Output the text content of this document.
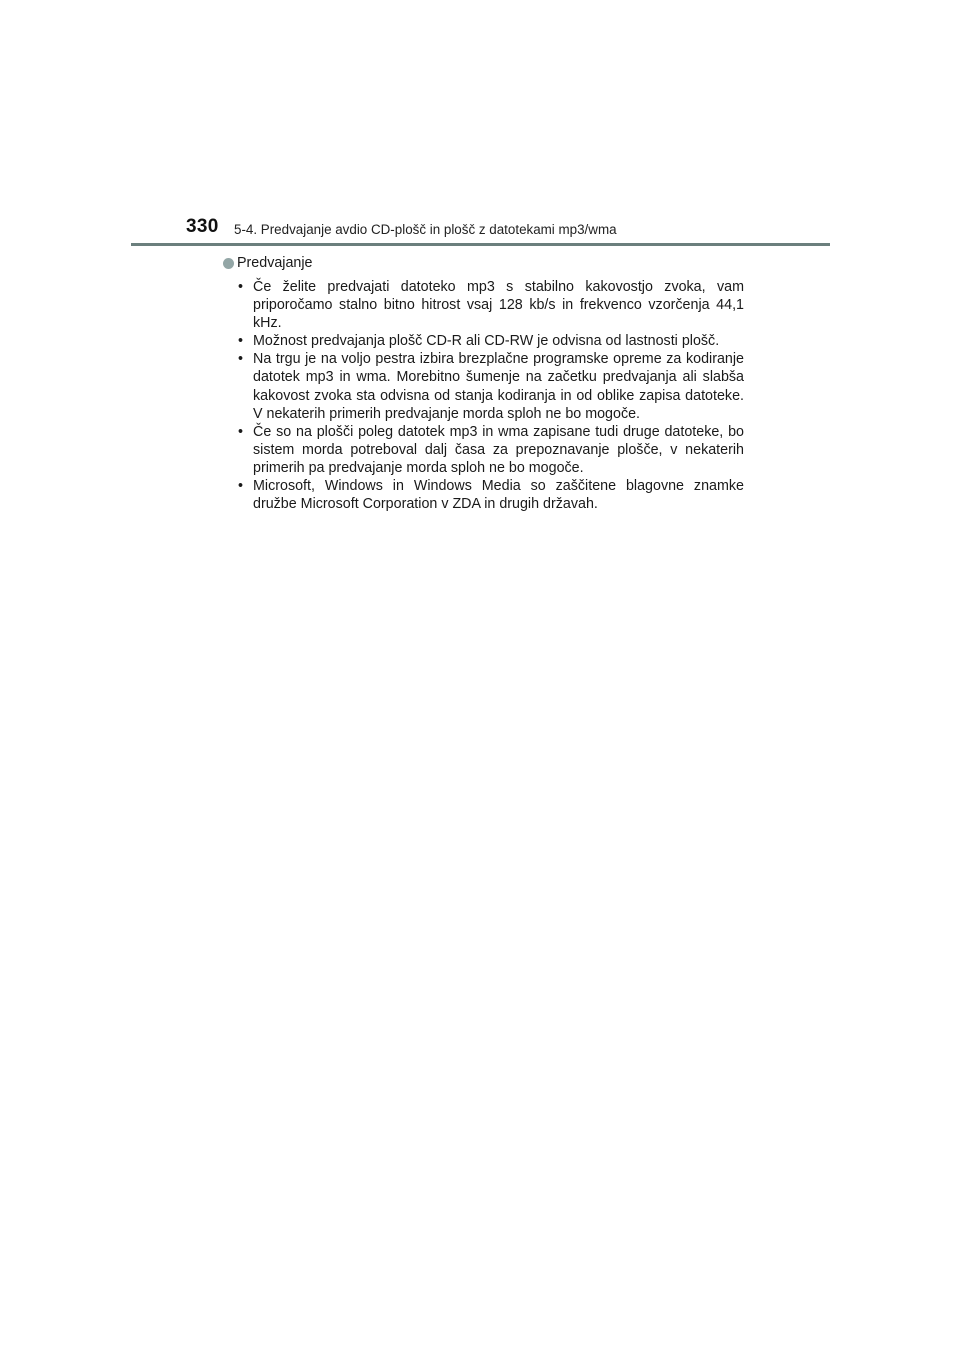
330 5-4. Predvajanje avdio CD-plošč in plošč z datotekami mp3/wma
Predvajanje
• Če želite predvajati datoteko mp3 s stabilno kakovostjo zvoka, vam priporočamo stalno bitno hitrost vsaj 128 kb/s in frekvenco vzorčenja 44,1 kHz.
• Možnost predvajanja plošč CD-R ali CD-RW je odvisna od lastnosti plošč.
• Na trgu je na voljo pestra izbira brezplačne programske opreme za kodiranje datotek mp3 in wma. Morebitno šumenje na začetku predvajanja ali slabša kakovost zvoka sta odvisna od stanja kodiranja in od oblike zapisa datoteke. V nekaterih primerih predvajanje morda sploh ne bo mogoče.
• Če so na plošči poleg datotek mp3 in wma zapisane tudi druge datoteke, bo sistem morda potreboval dalj časa za prepoznavanje plošče, v nekaterih primerih pa predvajanje morda sploh ne bo mogoče.
• Microsoft, Windows in Windows Media so zaščitene blagovne znamke družbe Microsoft Corporation v ZDA in drugih državah.
